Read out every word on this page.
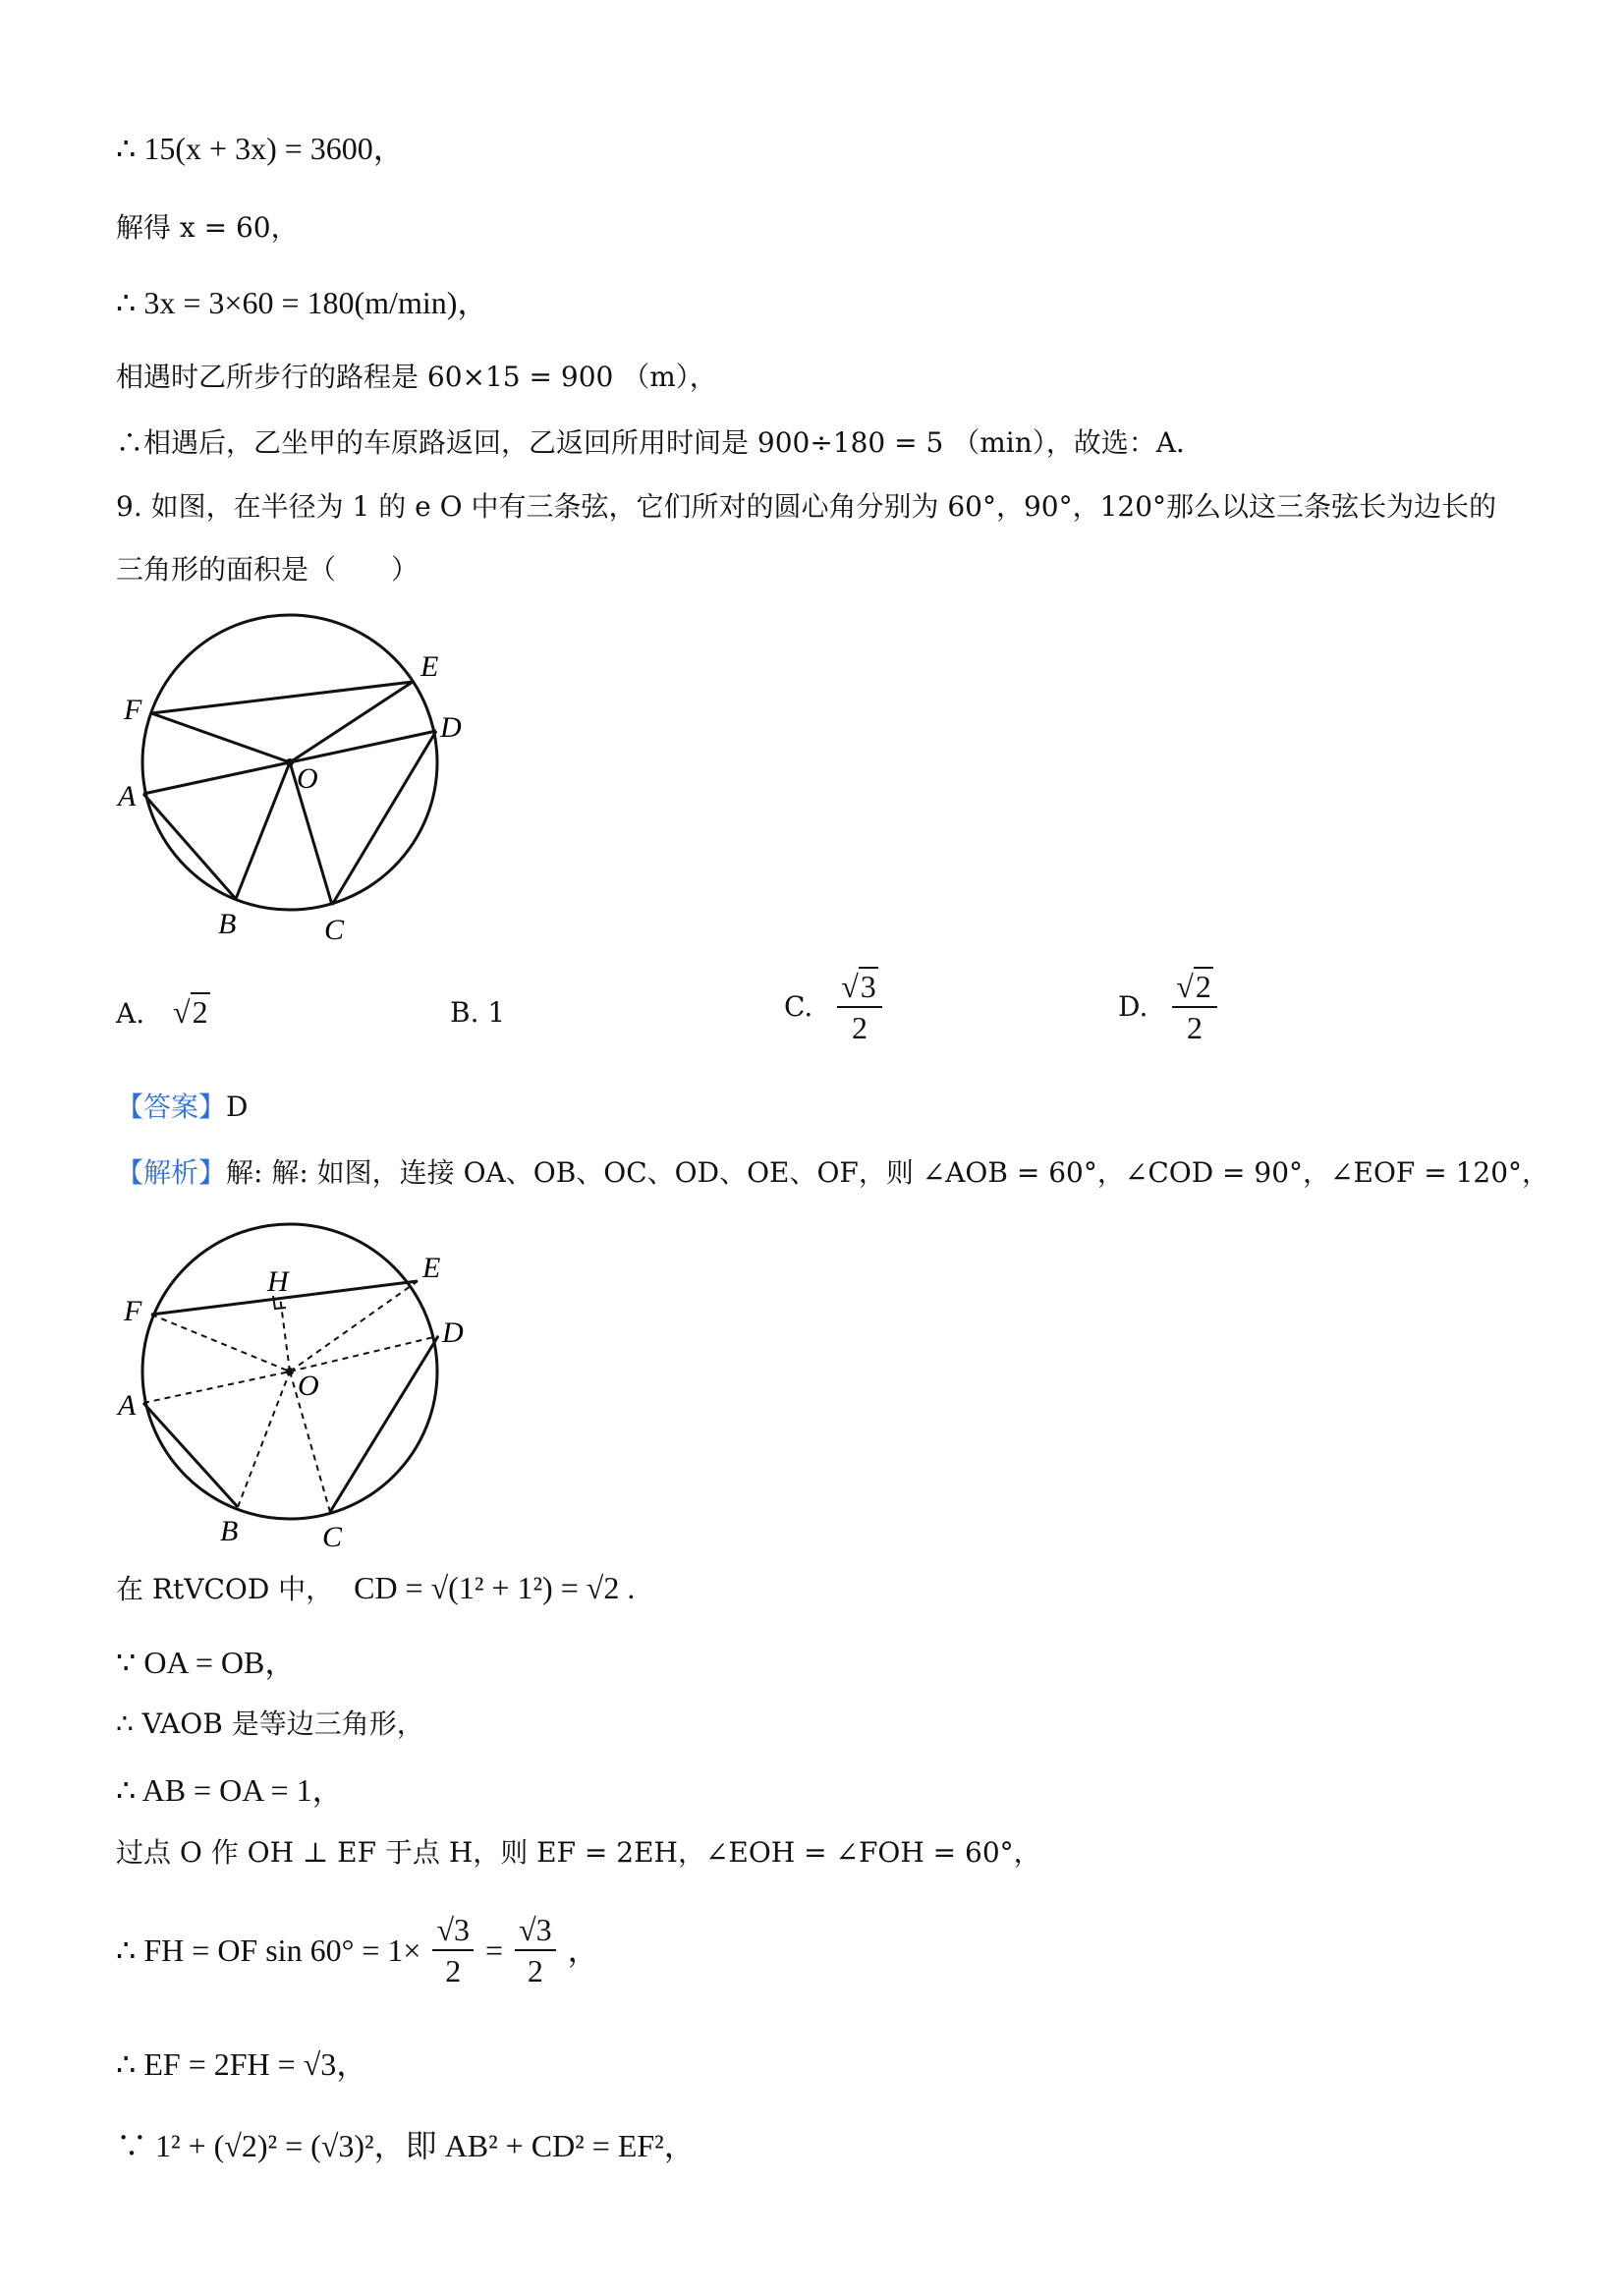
∴ 15(x + 3x) = 3600，
解得 x = 60，
∴ 3x = 3×60 = 180(m/min)，
相遇时乙所步行的路程是 60×15 = 900 （m），
∴相遇后，乙坐甲的车原路返回，乙返回所用时间是 900÷180 = 5 （min），故选：A．
9. 如图，在半径为 1 的 e O 中有三条弦，它们所对的圆心角分别为 60°，90°，120°那么以这三条弦长为边长的
三角形的面积是（　　）
E
F
D
A
O
B	C
A. √2	B. 1	C. $\frac{√3}{2}$	D. $\frac{√2}{2}$
【答案】D
【解析】解: 解: 如图，连接 OA、OB、OC、OD、OE、OF，则 ∠AOB = 60°，∠COD = 90°，∠EOF = 120°，
H	E
F
D
A
O
B	C
在 RtVCOD 中， CD = √(1² + 1²) = √2 .
∵ OA = OB，
∴ VAOB 是等边三角形，
∴ AB = OA = 1，
过点 O 作 OH ⊥ EF 于点 H，则 EF = 2EH，∠EOH = ∠FOH = 60°，
∴ FH = OF $\sin 60^\circ = 1\times \frac{√3}{2} = \frac{√3}{2}$ ，
∴ EF = 2FH = √3，
∵ 1² + (√2)² = (√3)²，即 AB² + CD² = EF²，
